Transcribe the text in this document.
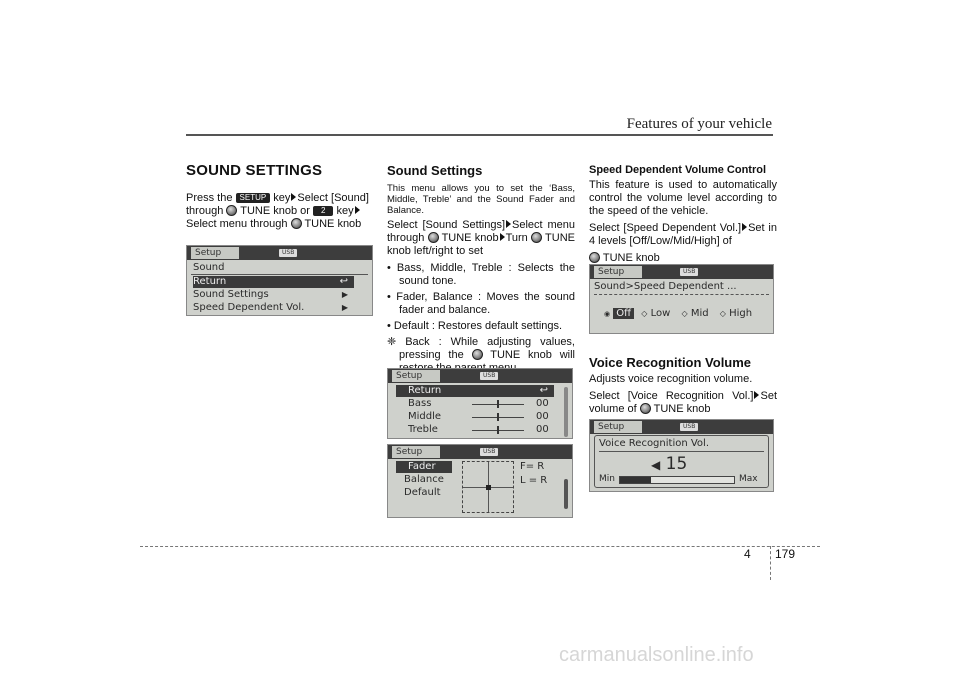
Features of your vehicle
SOUND SETTINGS
Press the SETUP key Select [Sound] through TUNE knob or 2 key Select menu through TUNE knob
Setup	USB
Sound
Return	↩
Sound Settings	▶
Speed Dependent Vol.	▶
Sound Settings
This menu allows you to set the ‘Bass, Middle, Treble’ and the Sound Fader and Balance.
Select [Sound Settings] Select menu through TUNE knob Turn TUNE knob left/right to set
• Bass, Middle, Treble : Selects the sound tone.
• Fader, Balance : Moves the sound fader and balance.
• Default : Restores default settings.
❈ Back : While adjusting values, pressing the TUNE knob will
Setup	USB
Return	↩
Bass	00
Middle	00
Treble	00
Setup	USB
Fader
Balance
Default
F= R
L = R
Speed Dependent Volume Control
This feature is used to automatically control the volume level according to the speed of the vehicle.
Select [Speed Dependent Vol.] Set in 4 levels [Off/Low/Mid/High] of
TUNE knob
Setup	USB
Sound>Speed Dependent ...
◉ Off ◇ Low ◇ Mid ◇ High
Voice Recognition Volume
Adjusts voice recognition volume.
Select [Voice Recognition Vol.] Set volume of TUNE knob
Setup	USB
Voice Recognition Vol.
◀ 15
Min	Max
4 179
carmanualsonline.info
